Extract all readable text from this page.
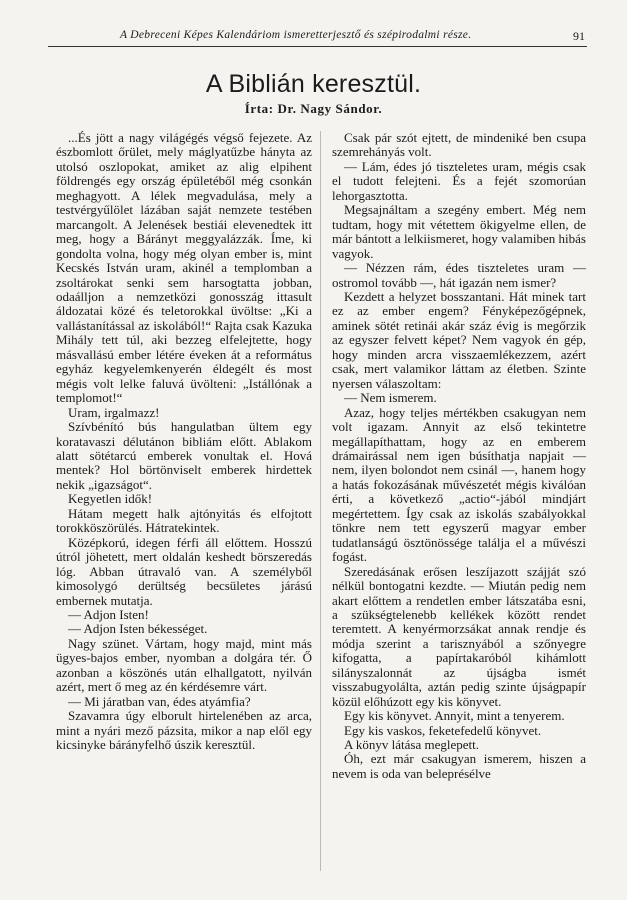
A Debreceni Képes Kalendáriom ismeretterjesztő és szépirodalmi része.	91
A Biblián keresztül.
Írta: Dr. Nagy Sándor.

...És jött a nagy világégés végső fejezete. Az észbomlott őrület, mely máglyatűzbe hányta az utolsó oszlopokat, amiket az alig elpihent földrengés egy ország épületéből még csonkán meghagyott. A lélek megvadulása, mely a testvérgyűlölet lázában saját nemzete testében marcangolt. A Jelenések bestiái elevenedtek itt meg, hogy a Bárányt meggyalázzák. Íme, ki gondolta volna, hogy még olyan ember is, mint Kecskés István uram, akinél a templomban a zsoltárokat senki sem harsogtatta jobban, odaálljon a nemzetközi gonosszág ittasult áldozatai közé és teletorokkal üvöltse: „Ki a vallástanítással az iskolából!“ Rajta csak Kazuka Mihály tett túl, aki bezzeg elfelejtette, hogy másvallású ember létére éveken át a református egyház kegyelemkenyerén éldegélt és most mégis volt lelke faluvá üvölteni: „Istállónak a templomot!“

Uram, irgalmazz!

Szívbénító bús hangulatban ültem egy koratavaszi délutánon bibliám előtt. Ablakom alatt sötétarcú emberek vonultak el. Hová mentek? Hol börtönviselt emberek hirdettek nekik „igazságot“.

Kegyetlen idők!

Hátam megett halk ajtónyitás és elfojtott torokköszörülés. Hátratekintek.

Középkorú, idegen férfi áll előttem. Hosszú útról jöhetett, mert oldalán keshedt börszeredás lóg. Abban útravaló van. A személyből kimosolygó derültség becsületes járású embernek mutatja.

— Adjon Isten!

— Adjon Isten békességet.

Nagy szünet. Vártam, hogy majd, mint más ügyes-bajos ember, nyomban a dolgára tér. Ő azonban a köszönés után elhallgatott, nyilván azért, mert ő meg az én kérdésemre várt.

— Mi járatban van, édes atyámfia?

Szavamra úgy elborult hirtelenében az arca, mint a nyári mező pázsita, mikor a nap elől egy kicsinyke bárányfelhő úszik keresztül.

Csak pár szót ejtett, de mindeniké ben csupa szemrehányás volt.

— Lám, édes jó tiszteletes uram, mégis csak el tudott felejteni. És a fejét szomorúan lehorgasztotta.

Megsajnáltam a szegény embert. Még nem tudtam, hogy mit vétettem ökigyelme ellen, de már bántott a lelkiismeret, hogy valamiben hibás vagyok.

— Nézzen rám, édes tiszteletes uram — ostromol tovább —, hát igazán nem ismer?

Kezdett a helyzet bosszantani. Hát minek tart ez az ember engem? Fényképezőgépnek, aminek sötét retinái akár száz évig is megőrzik az egyszer felvett képet? Nem vagyok én gép, hogy minden arcra visszaemlékezzem, azért csak, mert valamikor láttam az életben. Szinte nyersen válaszoltam:

— Nem ismerem.

Azaz, hogy teljes mértékben csakugyan nem volt igazam. Annyit az első tekintetre megállapíthattam, hogy az en emberem drámairással nem igen búsíthatja napjait — nem, ilyen bolondot nem csinál —, hanem hogy a hatás fokozásának művészetét mégis kiválóan érti, a következő „actio“-jából mindjárt megértettem. Így csak az iskolás szabályokkal tönkre nem tett egyszerű magyar ember tudatlanságú ösztönössége találja el a művészi fogást.

Szeredásának erősen leszíjazott szájját szó nélkül bontogatni kezdte. — Miután pedig nem akart előttem a rendetlen ember látszatába esni, a szükségtelenebb kellékek között rendet teremtett. A kenyérmorzsákat annak rendje és módja szerint a tarisznyából a szőnyegre kifogatta, a papírtakaróból kihámlott silányszalonnát az újságba ismét visszabugyolálta, aztán pedig szinte újságpapír közül előhúzott egy kis könyvet.

Egy kis könyvet. Annyit, mint a tenyerem.

Egy kis vaskos, feketefedelű könyvet.

A könyv látása meglepett.

Óh, ezt már csakugyan ismerem, hiszen a nevem is oda van beleprésélve
